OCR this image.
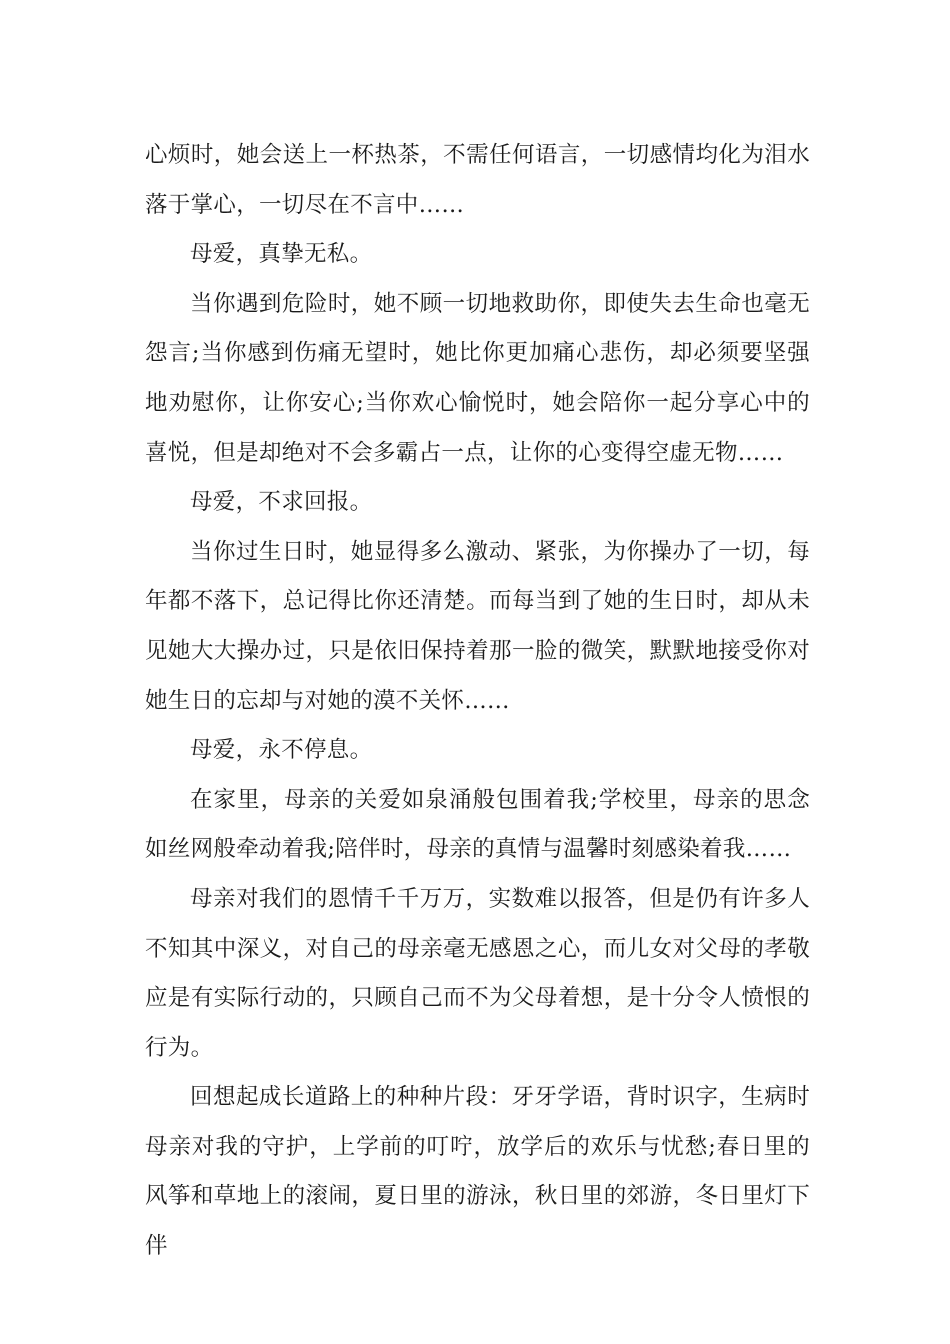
心烦时，她会送上一杯热茶，不需任何语言，一切感情均化为泪水落于掌心，一切尽在不言中……

母爱，真挚无私。

当你遇到危险时，她不顾一切地救助你，即使失去生命也毫无怨言;当你感到伤痛无望时，她比你更加痛心悲伤，却必须要坚强地劝慰你，让你安心;当你欢心愉悦时，她会陪你一起分享心中的喜悦，但是却绝对不会多霸占一点，让你的心变得空虚无物……

母爱，不求回报。

当你过生日时，她显得多么激动、紧张，为你操办了一切，每年都不落下，总记得比你还清楚。而每当到了她的生日时，却从未见她大大操办过，只是依旧保持着那一脸的微笑，默默地接受你对她生日的忘却与对她的漠不关怀……

母爱，永不停息。

在家里，母亲的关爱如泉涌般包围着我;学校里，母亲的思念如丝网般牵动着我;陪伴时，母亲的真情与温馨时刻感染着我……

母亲对我们的恩情千千万万，实数难以报答，但是仍有许多人不知其中深义，对自己的母亲毫无感恩之心，而儿女对父母的孝敬应是有实际行动的，只顾自己而不为父母着想，是十分令人愤恨的行为。

回想起成长道路上的种种片段：牙牙学语，背时识字，生病时母亲对我的守护，上学前的叮咛，放学后的欢乐与忧愁;春日里的风筝和草地上的滚闹，夏日里的游泳，秋日里的郊游，冬日里灯下伴
